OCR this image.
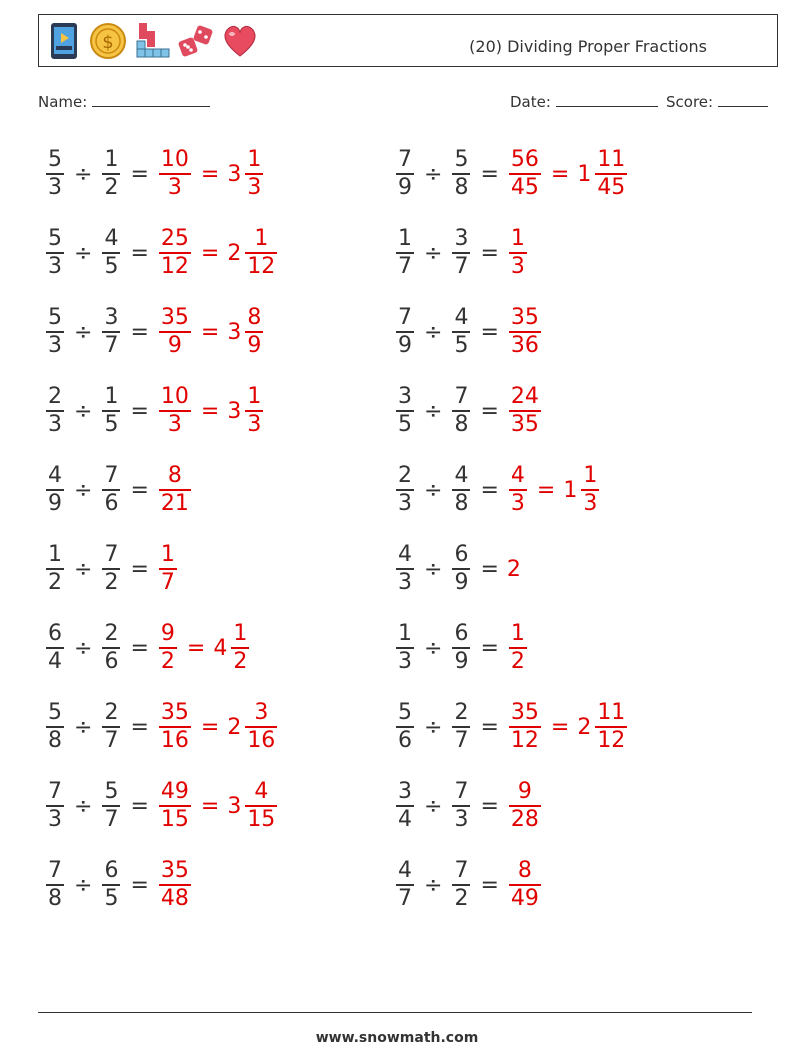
$	(20) Dividing Proper Fractions
Name:	Date:	Score:
$\frac{5}{3} \div \frac{1}{2} = \frac{10}{3} = 3 \frac{1}{3}$
$\frac{5}{3} \div \frac{4}{5} = \frac{25}{12} = 2 \frac{1}{12}$
$\frac{5}{3} \div \frac{3}{7} = \frac{35}{9} = 3 \frac{8}{9}$
$\frac{2}{3} \div \frac{1}{5} = \frac{10}{3} = 3 \frac{1}{3}$
$\frac{4}{9} \div \frac{7}{6} = \frac{8}{21}$
$\frac{1}{2} \div \frac{7}{2} = \frac{1}{7}$
$\frac{6}{4} \div \frac{2}{6} = \frac{9}{2} = 4 \frac{1}{2}$
$\frac{5}{8} \div \frac{2}{7} = \frac{35}{16} = 2 \frac{3}{16}$
$\frac{7}{3} \div \frac{5}{7} = \frac{49}{15} = 3 \frac{4}{15}$
$\frac{7}{8} \div \frac{6}{5} = \frac{35}{48}$
$\frac{7}{9} \div \frac{5}{8} = \frac{56}{45} = 1 \frac{11}{45}$
$\frac{1}{7} \div \frac{3}{7} = \frac{1}{3}$
$\frac{7}{9} \div \frac{4}{5} = \frac{35}{36}$
$\frac{3}{5} \div \frac{7}{8} = \frac{24}{35}$
$\frac{2}{3} \div \frac{4}{8} = \frac{4}{3} = 1 \frac{1}{3}$
$\frac{4}{3} \div \frac{6}{9} = 2$
$\frac{1}{3} \div \frac{6}{9} = \frac{1}{2}$
$\frac{5}{6} \div \frac{2}{7} = \frac{35}{12} = 2 \frac{11}{12}$
$\frac{3}{4} \div \frac{7}{3} = \frac{9}{28}$
$\frac{4}{7} \div \frac{7}{2} = \frac{8}{49}$
www.snowmath.com
